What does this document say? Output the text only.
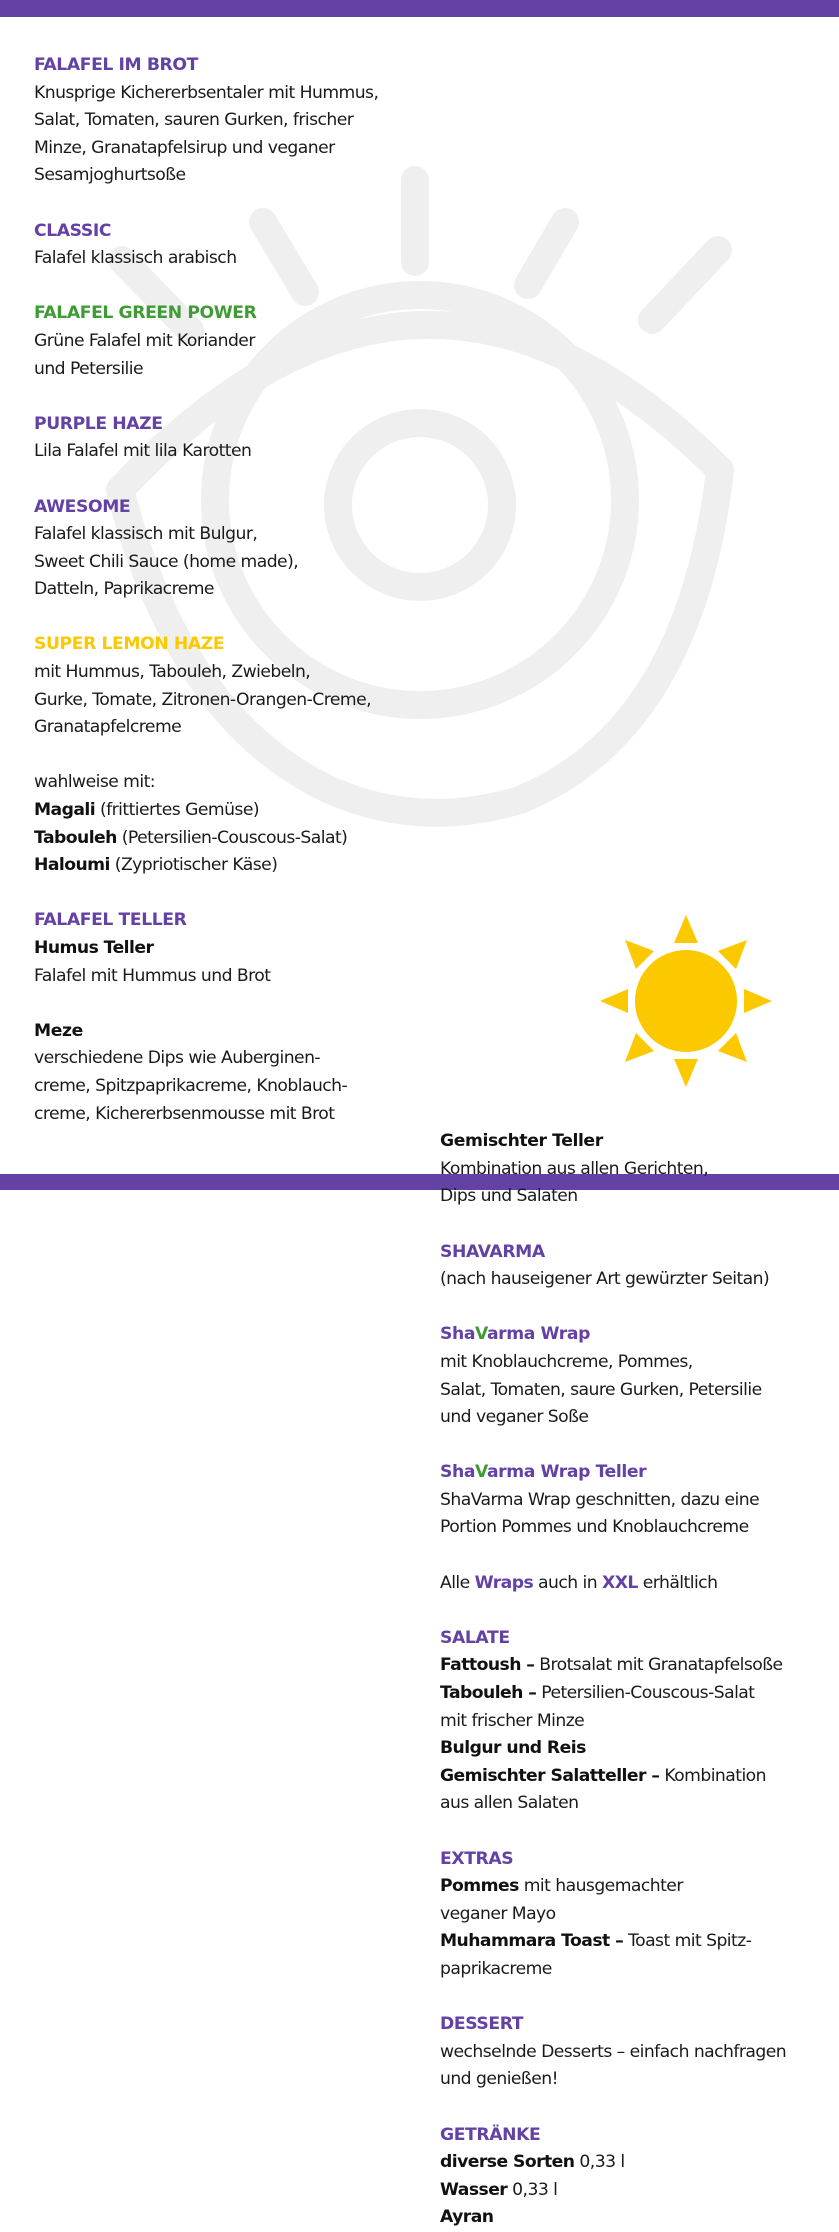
FALAFEL IM BROT
Knusprige Kichererbsentaler mit Hummus,
Salat, Tomaten, sauren Gurken, frischer
Minze, Granatapfelsirup und veganer
Sesamjoghurtsoße
CLASSIC
Falafel klassisch arabisch
FALAFEL GREEN POWER
Grüne Falafel mit Koriander
und Petersilie
PURPLE HAZE
Lila Falafel mit lila Karotten
AWESOME
Falafel klassisch mit Bulgur,
Sweet Chili Sauce (home made),
Datteln, Paprikacreme
SUPER LEMON HAZE
mit Hummus, Tabouleh, Zwiebeln,
Gurke, Tomate, Zitronen-Orangen-Creme,
Granatapfelcreme
wahlweise mit:
Magali (frittiertes Gemüse)
Tabouleh (Petersilien-Couscous-Salat)
Haloumi (Zypriotischer Käse)
FALAFEL TELLER
Humus Teller
Falafel mit Hummus und Brot
Meze
verschiedene Dips wie Auberginen-
creme, Spitzpaprikacreme, Knoblauch-
creme, Kichererbsenmousse mit Brot
Gemischter Teller
Kombination aus allen Gerichten,
Dips und Salaten
SHAVARMA
(nach hauseigener Art gewürzter Seitan)
ShaVarma Wrap
mit Knoblauchcreme, Pommes,
Salat, Tomaten, saure Gurken, Petersilie
und veganer Soße
ShaVarma Wrap Teller
ShaVarma Wrap geschnitten, dazu eine
Portion Pommes und Knoblauchcreme
Alle Wraps auch in XXL erhältlich
SALATE
Fattoush – Brotsalat mit Granatapfelsoße
Tabouleh – Petersilien-Couscous-Salat
mit frischer Minze
Bulgur und Reis
Gemischter Salatteller – Kombination
aus allen Salaten
EXTRAS
Pommes mit hausgemachter
veganer Mayo
Muhammara Toast – Toast mit Spitz-
paprikacreme
DESSERT
wechselnde Desserts – einfach nachfragen
und genießen!
GETRÄNKE
diverse Sorten 0,33 l
Wasser 0,33 l
Ayran
